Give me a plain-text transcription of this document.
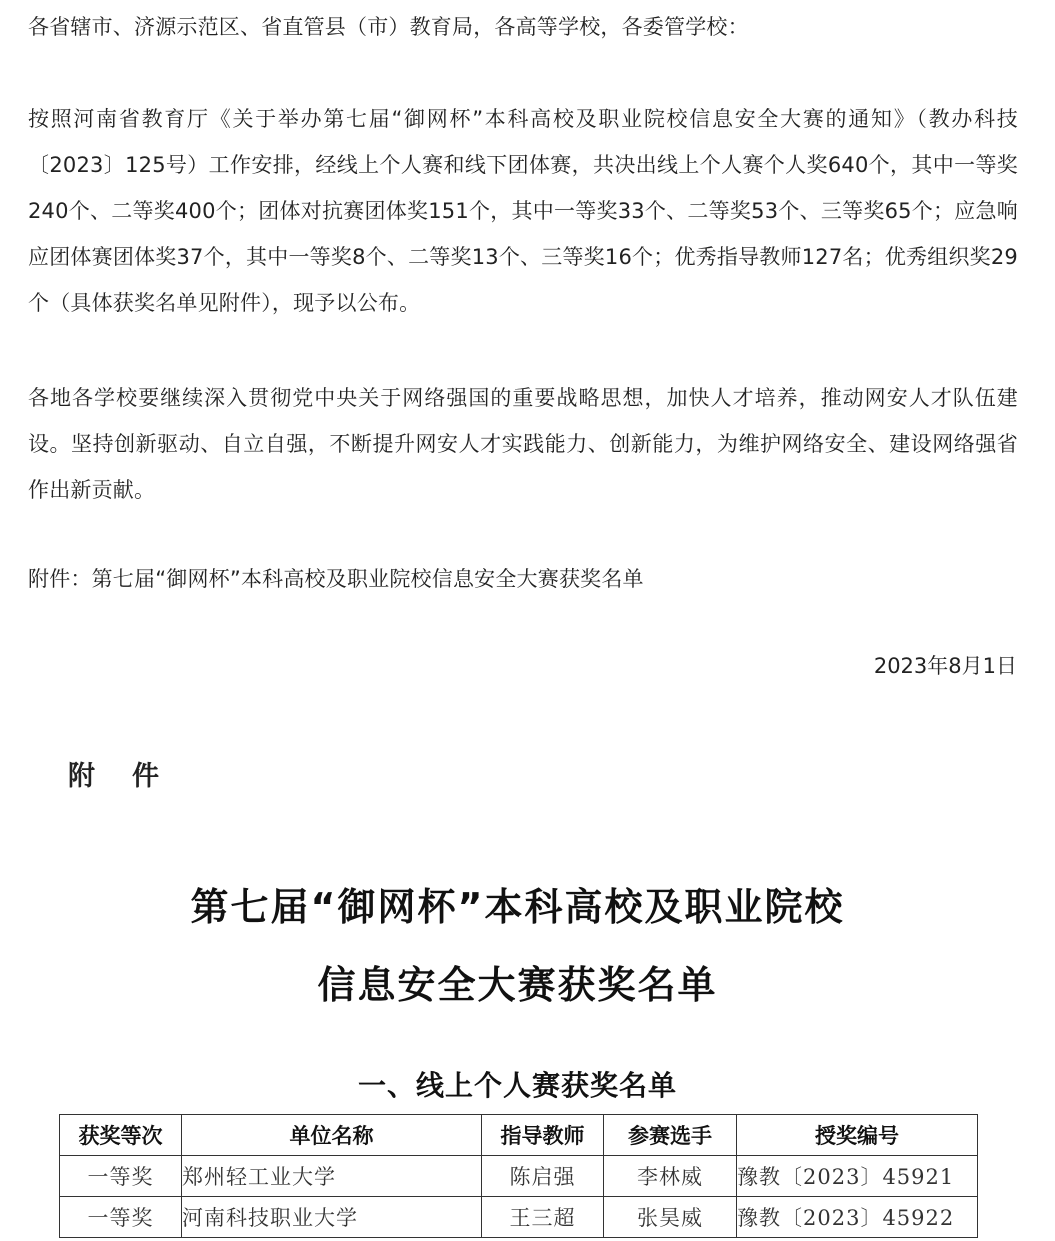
各省辖市、济源示范区、省直管县（市）教育局，各高等学校，各委管学校：

按照河南省教育厅《关于举办第七届“御网杯”本科高校及职业院校信息安全大赛的通知》（教办科技〔2023〕125号）工作安排，经线上个人赛和线下团体赛，共决出线上个人赛个人奖640个，其中一等奖240个、二等奖400个；团体对抗赛团体奖151个，其中一等奖33个、二等奖53个、三等奖65个；应急响应团体赛团体奖37个，其中一等奖8个、二等奖13个、三等奖16个；优秀指导教师127名；优秀组织奖29个（具体获奖名单见附件），现予以公布。

各地各学校要继续深入贯彻党中央关于网络强国的重要战略思想，加快人才培养，推动网安人才队伍建设。坚持创新驱动、自立自强，不断提升网安人才实践能力、创新能力，为维护网络安全、建设网络强省作出新贡献。

附件：第七届“御网杯”本科高校及职业院校信息安全大赛获奖名单

2023年8月1日

附 件

第七届“御网杯”本科高校及职业院校
信息安全大赛获奖名单
一、线上个人赛获奖名单
获奖等次	单位名称	指导教师	参赛选手	授奖编号
一等奖	郑州轻工业大学	陈启强	李林威	豫教〔2023〕45921
一等奖	河南科技职业大学	王三超	张昊威	豫教〔2023〕45922
